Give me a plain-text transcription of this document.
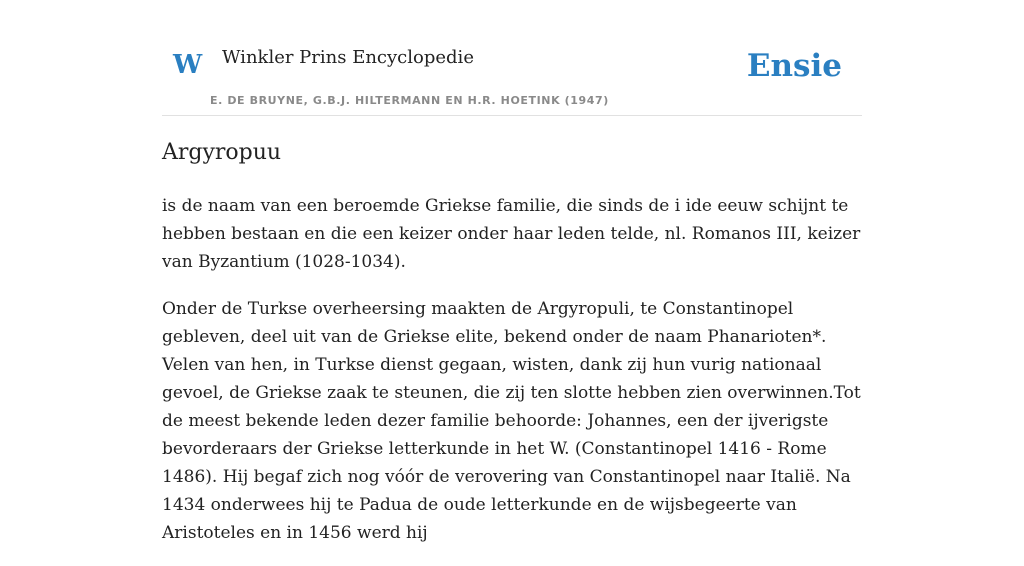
W Winkler Prins Encyclopedie
E. DE BRUYNE, G.B.J. HILTERMANN EN H.R. HOETINK (1947)
Ensie
Argyropuu

is de naam van een beroemde Griekse familie, die sinds de i ide eeuw schijnt te hebben bestaan en die een keizer onder haar leden telde, nl. Romanos III, keizer van Byzantium (1028-1034).

Onder de Turkse overheersing maakten de Argyropuli, te Constantinopel gebleven, deel uit van de Griekse elite, bekend onder de naam Phanarioten*. Velen van hen, in Turkse dienst gegaan, wisten, dank zij hun vurig nationaal gevoel, de Griekse zaak te steunen, die zij ten slotte hebben zien overwinnen.Tot de meest bekende leden dezer familie behoorde: Johannes, een der ijverigste bevorderaars der Griekse letterkunde in het W. (Constantinopel 1416 - Rome 1486). Hij begaf zich nog vóór de verovering van Constantinopel naar Italië. Na 1434 onderwees hij te Padua de oude letterkunde en de wijsbegeerte van Aristoteles en in 1456 werd hij
